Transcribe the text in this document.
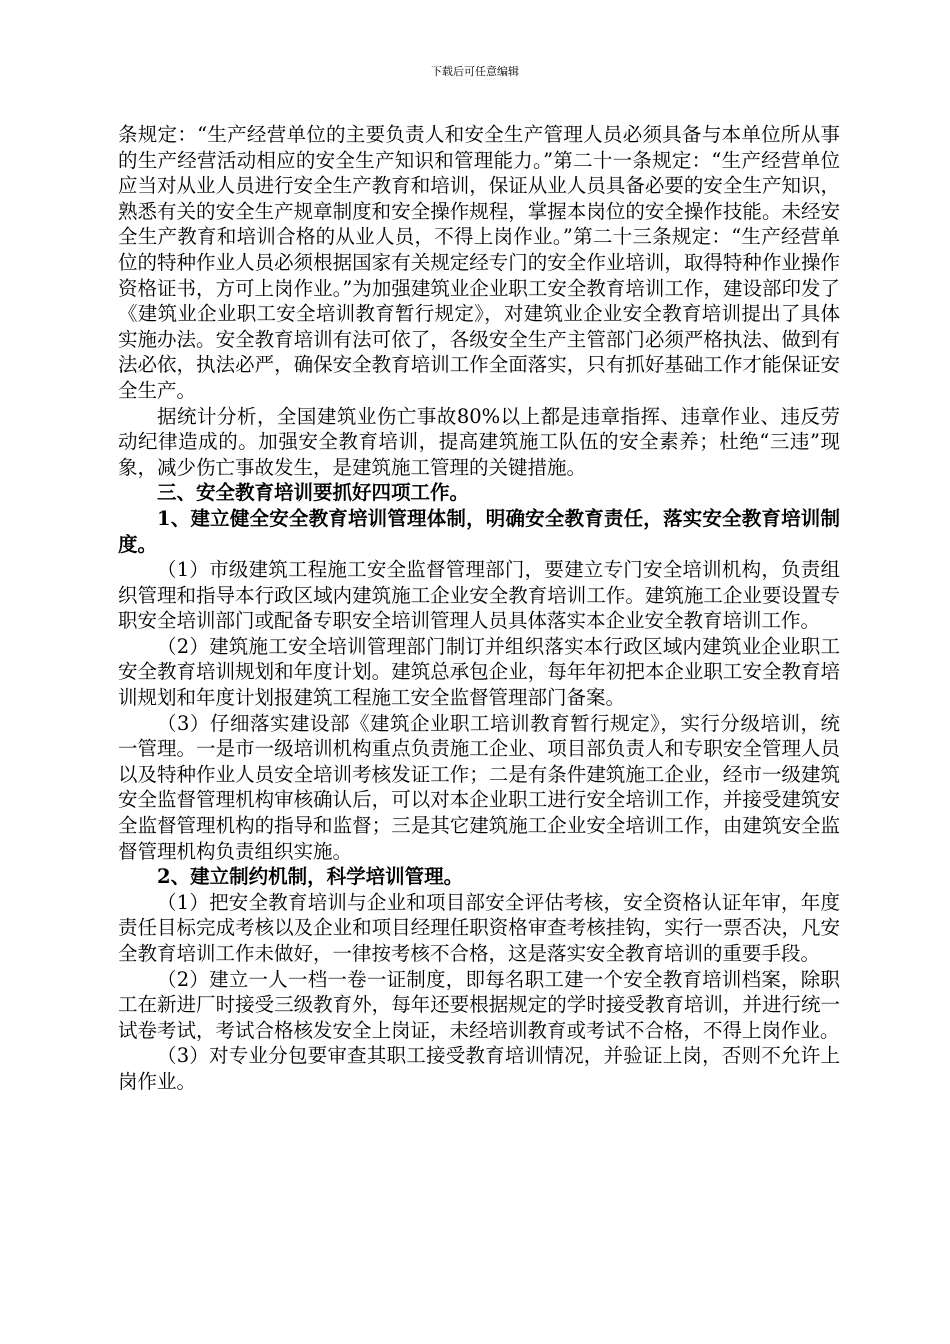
下载后可任意编辑

条规定：“生产经营单位的主要负责人和安全生产管理人员必须具备与本单位所从事的生产经营活动相应的安全生产知识和管理能力。”第二十一条规定：“生产经营单位应当对从业人员进行安全生产教育和培训，保证从业人员具备必要的安全生产知识，熟悉有关的安全生产规章制度和安全操作规程，掌握本岗位的安全操作技能。未经安全生产教育和培训合格的从业人员，不得上岗作业。”第二十三条规定：“生产经营单位的特种作业人员必须根据国家有关规定经专门的安全作业培训，取得特种作业操作资格证书，方可上岗作业。”为加强建筑业企业职工安全教育培训工作，建设部印发了《建筑业企业职工安全培训教育暂行规定》，对建筑业企业安全教育培训提出了具体实施办法。安全教育培训有法可依了，各级安全生产主管部门必须严格执法、做到有法必依，执法必严，确保安全教育培训工作全面落实，只有抓好基础工作才能保证安全生产。

据统计分析，全国建筑业伤亡事故80%以上都是违章指挥、违章作业、违反劳动纪律造成的。加强安全教育培训，提高建筑施工队伍的安全素养；杜绝“三违”现象，减少伤亡事故发生，是建筑施工管理的关键措施。

三、安全教育培训要抓好四项工作。

1、建立健全安全教育培训管理体制，明确安全教育责任，落实安全教育培训制度。

（1）市级建筑工程施工安全监督管理部门，要建立专门安全培训机构，负责组织管理和指导本行政区域内建筑施工企业安全教育培训工作。建筑施工企业要设置专职安全培训部门或配备专职安全培训管理人员具体落实本企业安全教育培训工作。

（2）建筑施工安全培训管理部门制订并组织落实本行政区域内建筑业企业职工安全教育培训规划和年度计划。建筑总承包企业，每年年初把本企业职工安全教育培训规划和年度计划报建筑工程施工安全监督管理部门备案。

（3）仔细落实建设部《建筑企业职工培训教育暂行规定》，实行分级培训，统一管理。一是市一级培训机构重点负责施工企业、项目部负责人和专职安全管理人员以及特种作业人员安全培训考核发证工作；二是有条件建筑施工企业，经市一级建筑安全监督管理机构审核确认后，可以对本企业职工进行安全培训工作，并接受建筑安全监督管理机构的指导和监督；三是其它建筑施工企业安全培训工作，由建筑安全监督管理机构负责组织实施。

2、建立制约机制，科学培训管理。

（1）把安全教育培训与企业和项目部安全评估考核，安全资格认证年审，年度责任目标完成考核以及企业和项目经理任职资格审查考核挂钩，实行一票否决，凡安全教育培训工作未做好，一律按考核不合格，这是落实安全教育培训的重要手段。

（2）建立一人一档一卷一证制度，即每名职工建一个安全教育培训档案，除职工在新进厂时接受三级教育外，每年还要根据规定的学时接受教育培训，并进行统一试卷考试，考试合格核发安全上岗证，未经培训教育或考试不合格，不得上岗作业。

（3）对专业分包要审查其职工接受教育培训情况，并验证上岗，否则不允许上岗作业。
